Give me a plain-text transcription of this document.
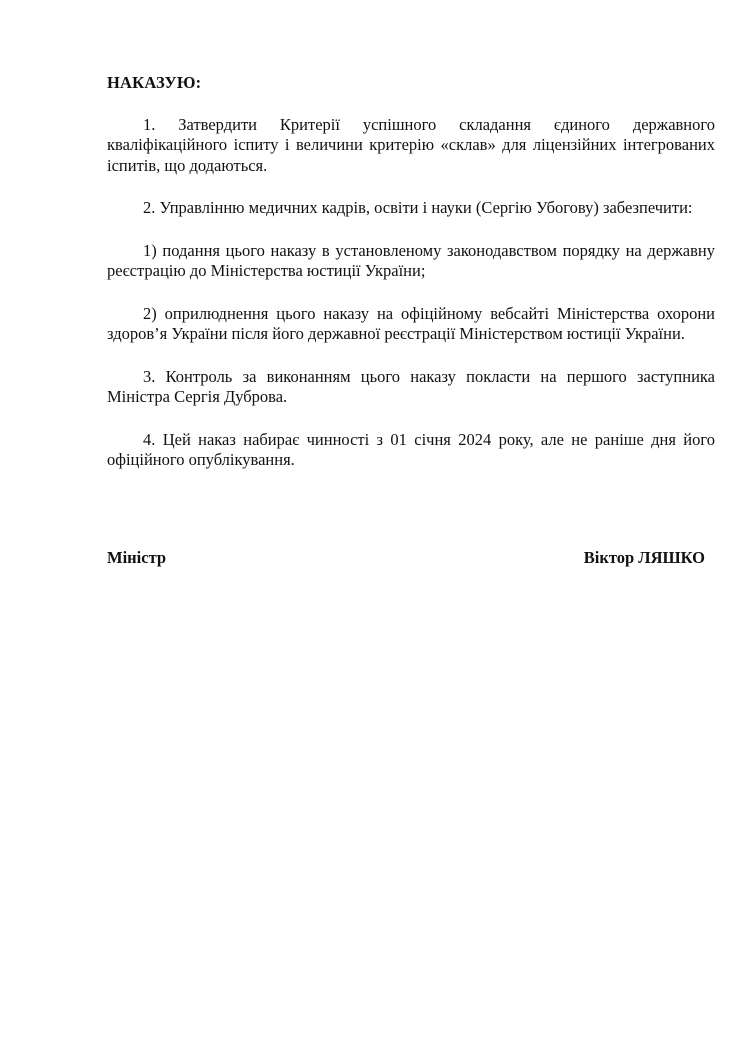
НАКАЗУЮ:

1. Затвердити Критерії успішного складання єдиного державного кваліфікаційного іспиту і величини критерію «склав» для ліцензійних інтегрованих іспитів, що додаються.

2. Управлінню медичних кадрів, освіти і науки (Сергію Убогову) забезпечити:

1) подання цього наказу в установленому законодавством порядку на державну реєстрацію до Міністерства юстиції України;

2) оприлюднення цього наказу на офіційному вебсайті Міністерства охорони здоров’я України після його державної реєстрації Міністерством юстиції України.

3. Контроль за виконанням цього наказу покласти на першого заступника Міністра Сергія Дуброва.

4. Цей наказ набирає чинності з 01 січня 2024 року, але не раніше дня його офіційного опублікування.

Міністр	Віктор ЛЯШКО
